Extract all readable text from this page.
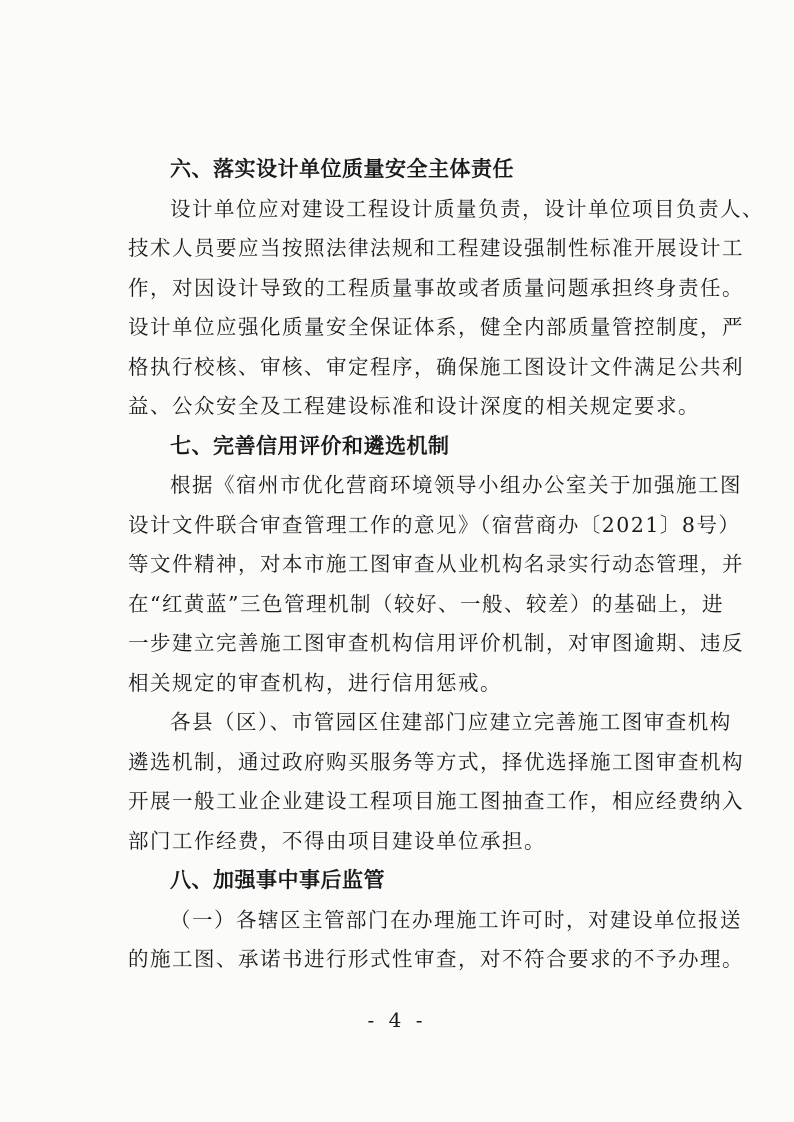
六、落实设计单位质量安全主体责任
设计单位应对建设工程设计质量负责，设计单位项目负责人、
技术人员要应当按照法律法规和工程建设强制性标准开展设计工
作，对因设计导致的工程质量事故或者质量问题承担终身责任。
设计单位应强化质量安全保证体系，健全内部质量管控制度，严
格执行校核、审核、审定程序，确保施工图设计文件满足公共利
益、公众安全及工程建设标准和设计深度的相关规定要求。
七、完善信用评价和遴选机制
根据《宿州市优化营商环境领导小组办公室关于加强施工图
设计文件联合审查管理工作的意见》（宿营商办〔2021〕8号）
等文件精神，对本市施工图审查从业机构名录实行动态管理，并
在“红黄蓝”三色管理机制（较好、一般、较差）的基础上，进
一步建立完善施工图审查机构信用评价机制，对审图逾期、违反
相关规定的审查机构，进行信用惩戒。
各县（区）、市管园区住建部门应建立完善施工图审查机构
遴选机制，通过政府购买服务等方式，择优选择施工图审查机构
开展一般工业企业建设工程项目施工图抽查工作，相应经费纳入
部门工作经费，不得由项目建设单位承担。
八、加强事中事后监管
（一）各辖区主管部门在办理施工许可时，对建设单位报送
的施工图、承诺书进行形式性审查，对不符合要求的不予办理。
- 4 -
